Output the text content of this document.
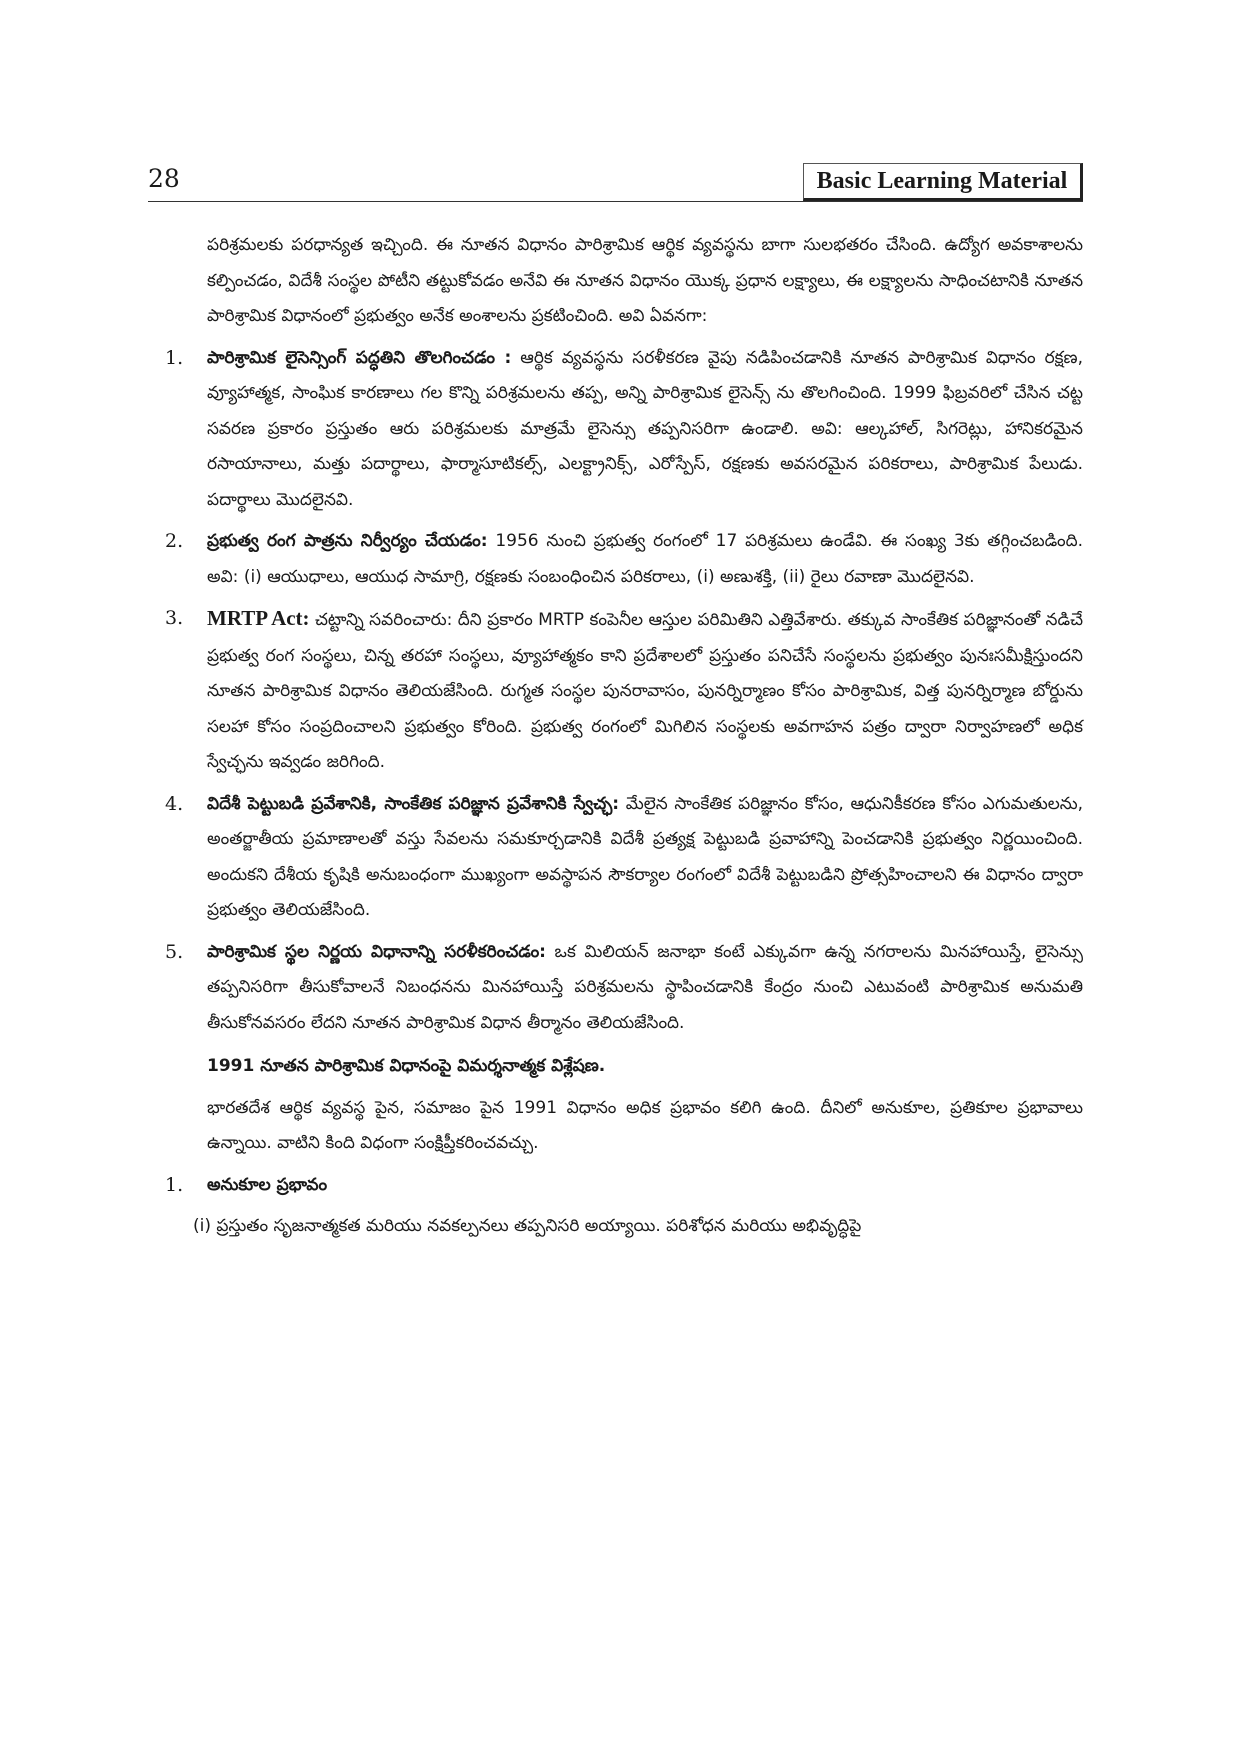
28	Basic Learning Material

పరిశ్రమలకు పరధాన్యత ఇచ్చింది. ఈ నూతన విధానం పారిశ్రామిక ఆర్థిక వ్యవస్థను బాగా సులభతరం చేసింది. ఉద్యోగ అవకాశాలను కల్పించడం, విదేశీ సంస్థల పోటీని తట్టుకోవడం అనేవి ఈ నూతన విధానం యొక్క ప్రధాన లక్ష్యాలు, ఈ లక్ష్యాలను సాధించటానికి నూతన పారిశ్రామిక విధానంలో ప్రభుత్వం అనేక అంశాలను ప్రకటించింది. అవి ఏవనగా:

1. పారిశ్రామిక లైసెన్సింగ్ పద్ధతిని తొలగించడం : ఆర్థిక వ్యవస్థను సరళీకరణ వైపు నడిపించడానికి నూతన పారిశ్రామిక విధానం రక్షణ, వ్యూహాత్మక, సాంఘిక కారణాలు గల కొన్ని పరిశ్రమలను తప్ప, అన్ని పారిశ్రామిక లైసెన్స్ ను తొలగించింది. 1999 ఫిబ్రవరిలో చేసిన చట్ట సవరణ ప్రకారం ప్రస్తుతం ఆరు పరిశ్రమలకు మాత్రమే లైసెన్సు తప్పనిసరిగా ఉండాలి. అవి: ఆల్కహాల్, సిగరెట్లు, హానికరమైన రసాయానాలు, మత్తు పదార్థాలు, ఫార్మాసూటికల్స్, ఎలక్ట్రానిక్స్, ఎరోస్పేస్, రక్షణకు అవసరమైన పరికరాలు, పారిశ్రామిక పేలుడు. పదార్థాలు మొదలైనవి.
2. ప్రభుత్వ రంగ పాత్రను నిర్వీర్యం చేయడం: 1956 నుంచి ప్రభుత్వ రంగంలో 17 పరిశ్రమలు ఉండేవి. ఈ సంఖ్య 3కు తగ్గించబడింది. అవి: (i) ఆయుధాలు, ఆయుధ సామాగ్రి, రక్షణకు సంబంధించిన పరికరాలు, (i) అణుశక్తి, (ii) రైలు రవాణా మొదలైనవి.
3. MRTP Act: చట్టాన్ని సవరించారు: దీని ప్రకారం MRTP కంపెనీల ఆస్తుల పరిమితిని ఎత్తివేశారు. తక్కువ సాంకేతిక పరిజ్ఞానంతో నడిచే ప్రభుత్వ రంగ సంస్థలు, చిన్న తరహా సంస్థలు, వ్యూహాత్మకం కాని ప్రదేశాలలో ప్రస్తుతం పనిచేసే సంస్థలను ప్రభుత్వం పునఃసమీక్షిస్తుందని నూతన పారిశ్రామిక విధానం తెలియజేసింది. రుగ్మత సంస్థల పునరావాసం, పునర్నిర్మాణం కోసం పారిశ్రామిక, విత్త పునర్నిర్మాణ బోర్డును సలహా కోసం సంప్రదించాలని ప్రభుత్వం కోరింది. ప్రభుత్వ రంగంలో మిగిలిన సంస్థలకు అవగాహన పత్రం ద్వారా నిర్వాహణలో అధిక స్వేచ్ఛను ఇవ్వడం జరిగింది.
4. విదేశీ పెట్టుబడి ప్రవేశానికి, సాంకేతిక పరిజ్ఞాన ప్రవేశానికి స్వేచ్ఛ: మేలైన సాంకేతిక పరిజ్ఞానం కోసం, ఆధునికీకరణ కోసం ఎగుమతులను, అంతర్జాతీయ ప్రమాణాలతో వస్తు సేవలను సమకూర్చడానికి విదేశీ ప్రత్యక్ష పెట్టుబడి ప్రవాహాన్ని పెంచడానికి ప్రభుత్వం నిర్ణయించింది. అందుకని దేశీయ కృషికి అనుబంధంగా ముఖ్యంగా అవస్థాపన సౌకర్యాల రంగంలో విదేశీ పెట్టుబడిని ప్రోత్సహించాలని ఈ విధానం ద్వారా ప్రభుత్వం తెలియజేసింది.
5. పారిశ్రామిక స్థల నిర్ణయ విధానాన్ని సరళీకరించడం: ఒక మిలియన్ జనాభా కంటే ఎక్కువగా ఉన్న నగరాలను మినహాయిస్తే, లైసెన్సు తప్పనిసరిగా తీసుకోవాలనే నిబంధనను మినహాయిస్తే పరిశ్రమలను స్థాపించడానికి కేంద్రం నుంచి ఎటువంటి పారిశ్రామిక అనుమతి తీసుకోనవసరం లేదని నూతన పారిశ్రామిక విధాన తీర్మానం తెలియజేసింది.

1991 నూతన పారిశ్రామిక విధానంపై విమర్శనాత్మక విశ్లేషణ.

భారతదేశ ఆర్థిక వ్యవస్థ పైన, సమాజం పైన 1991 విధానం అధిక ప్రభావం కలిగి ఉంది. దీనిలో అనుకూల, ప్రతికూల ప్రభావాలు ఉన్నాయి. వాటిని కింది విధంగా సంక్షిప్తీకరించవచ్చు.

1. అనుకూల ప్రభావం

(i) ప్రస్తుతం సృజనాత్మకత మరియు నవకల్పనలు తప్పనిసరి అయ్యాయి. పరిశోధన మరియు అభివృద్ధిపై
